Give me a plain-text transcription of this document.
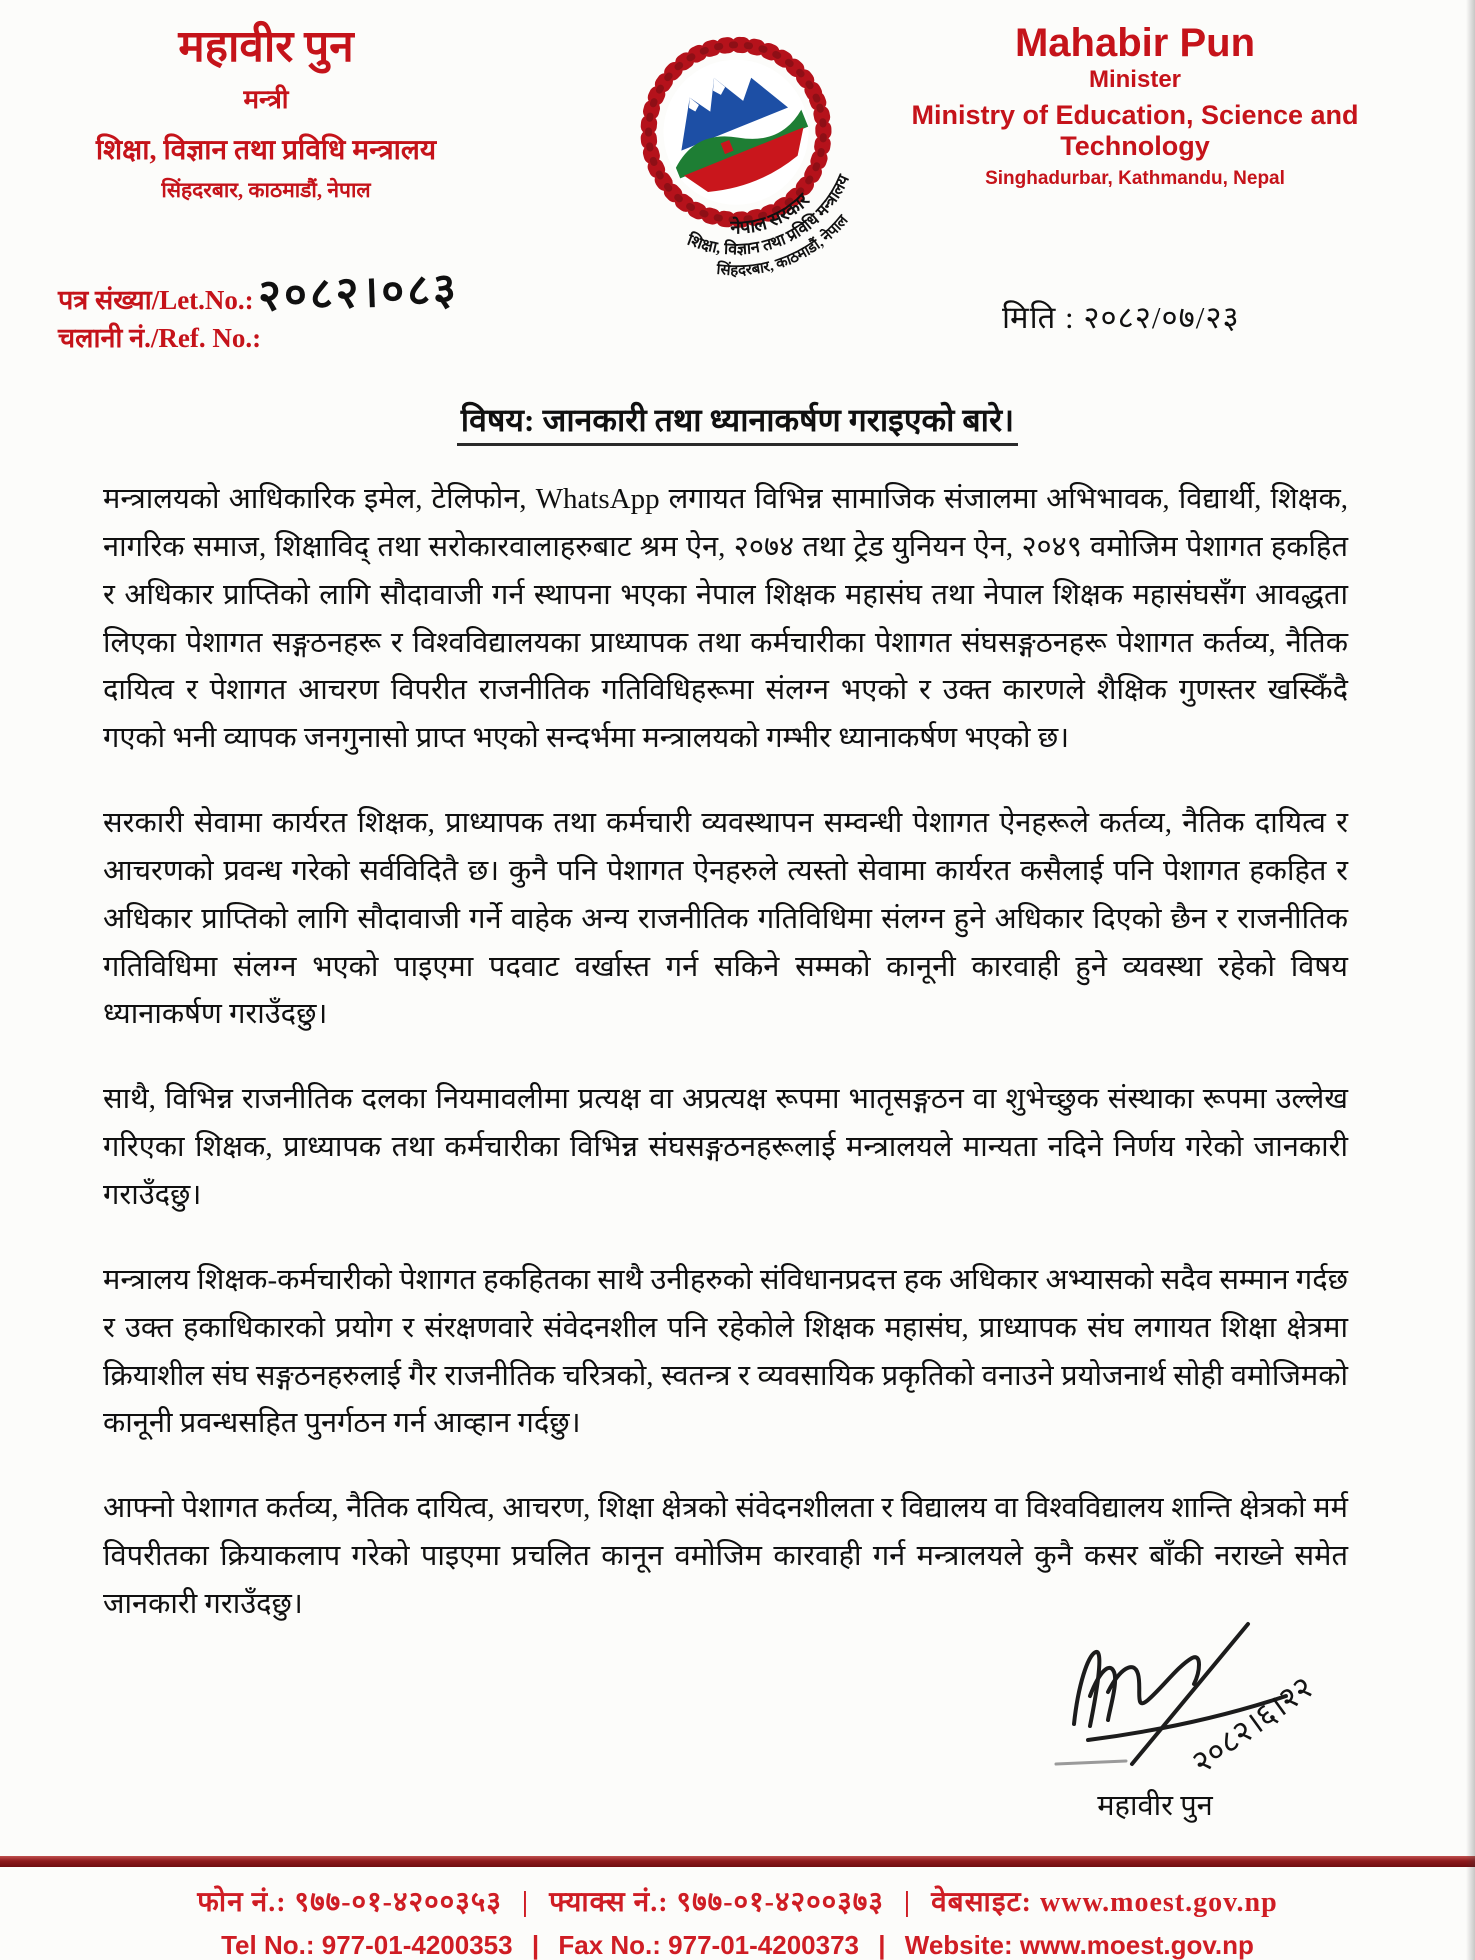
महावीर पुन
मन्त्री
शिक्षा, विज्ञान तथा प्रविधि मन्त्रालय
सिंहदरबार, काठमाडौं, नेपाल
नेपाल सरकार
शिक्षा, विज्ञान तथा प्रविधि मन्त्रालय
सिंहदरबार, काठमाडौं, नेपाल
Mahabir Pun
Minister
Ministry of Education, Science and Technology
Singhadurbar, Kathmandu, Nepal
पत्र संख्या/Let.No.:२०८२।०८३
चलानी नं./Ref. No.:
मिति : २०८२/०७/२३
विषय: जानकारी तथा ध्यानाकर्षण गराइएको बारे।

मन्त्रालयको आधिकारिक इमेल, टेलिफोन, WhatsApp लगायत विभिन्न सामाजिक संजालमा अभिभावक, विद्यार्थी, शिक्षक, नागरिक समाज, शिक्षाविद् तथा सरोकारवालाहरुबाट श्रम ऐन, २०७४ तथा ट्रेड युनियन ऐन, २०४९ वमोजिम पेशागत हकहित र अधिकार प्राप्तिको लागि सौदावाजी गर्न स्थापना भएका नेपाल शिक्षक महासंघ तथा नेपाल शिक्षक महासंघसँग आवद्धता लिएका पेशागत सङ्गठनहरू र विश्वविद्यालयका प्राध्यापक तथा कर्मचारीका पेशागत संघसङ्गठनहरू पेशागत कर्तव्य, नैतिक दायित्व र पेशागत आचरण विपरीत राजनीतिक गतिविधिहरूमा संलग्न भएको र उक्त कारणले शैक्षिक गुणस्तर खस्किँदै गएको भनी व्यापक जनगुनासो प्राप्त भएको सन्दर्भमा मन्त्रालयको गम्भीर ध्यानाकर्षण भएको छ।

सरकारी सेवामा कार्यरत शिक्षक, प्राध्यापक तथा कर्मचारी व्यवस्थापन सम्वन्धी पेशागत ऐनहरूले कर्तव्य, नैतिक दायित्व र आचरणको प्रवन्ध गरेको सर्वविदितै छ। कुनै पनि पेशागत ऐनहरुले त्यस्तो सेवामा कार्यरत कसैलाई पनि पेशागत हकहित र अधिकार प्राप्तिको लागि सौदावाजी गर्ने वाहेक अन्य राजनीतिक गतिविधिमा संलग्न हुने अधिकार दिएको छैन र राजनीतिक गतिविधिमा संलग्न भएको पाइएमा पदवाट वर्खास्त गर्न सकिने सम्मको कानूनी कारवाही हुने व्यवस्था रहेको विषय ध्यानाकर्षण गराउँदछु।

साथै, विभिन्न राजनीतिक दलका नियमावलीमा प्रत्यक्ष वा अप्रत्यक्ष रूपमा भातृसङ्गठन वा शुभेच्छुक संस्थाका रूपमा उल्लेख गरिएका शिक्षक, प्राध्यापक तथा कर्मचारीका विभिन्न संघसङ्गठनहरूलाई मन्त्रालयले मान्यता नदिने निर्णय गरेको जानकारी गराउँदछु।

मन्त्रालय शिक्षक-कर्मचारीको पेशागत हकहितका साथै उनीहरुको संविधानप्रदत्त हक अधिकार अभ्यासको सदैव सम्मान गर्दछ र उक्त हकाधिकारको प्रयोग र संरक्षणवारे संवेदनशील पनि रहेकोले शिक्षक महासंघ, प्राध्यापक संघ लगायत शिक्षा क्षेत्रमा क्रियाशील संघ सङ्गठनहरुलाई गैर राजनीतिक चरित्रको, स्वतन्त्र र व्यवसायिक प्रकृतिको वनाउने प्रयोजनार्थ सोही वमोजिमको कानूनी प्रवन्धसहित पुनर्गठन गर्न आव्हान गर्दछु।

आफ्नो पेशागत कर्तव्य, नैतिक दायित्व, आचरण, शिक्षा क्षेत्रको संवेदनशीलता र विद्यालय वा विश्वविद्यालय शान्ति क्षेत्रको मर्म विपरीतका क्रियाकलाप गरेको पाइएमा प्रचलित कानून वमोजिम कारवाही गर्न मन्त्रालयले कुनै कसर बाँकी नराख्ने समेत जानकारी गराउँदछु।

२०८२।६।२२
महावीर पुन
फोन नं.: ९७७-०१-४२००३५३ | फ्याक्स नं.: ९७७-०१-४२००३७३ | वेबसाइट: www.moest.gov.np
Tel No.: 977-01-4200353 | Fax No.: 977-01-4200373 | Website: www.moest.gov.np
